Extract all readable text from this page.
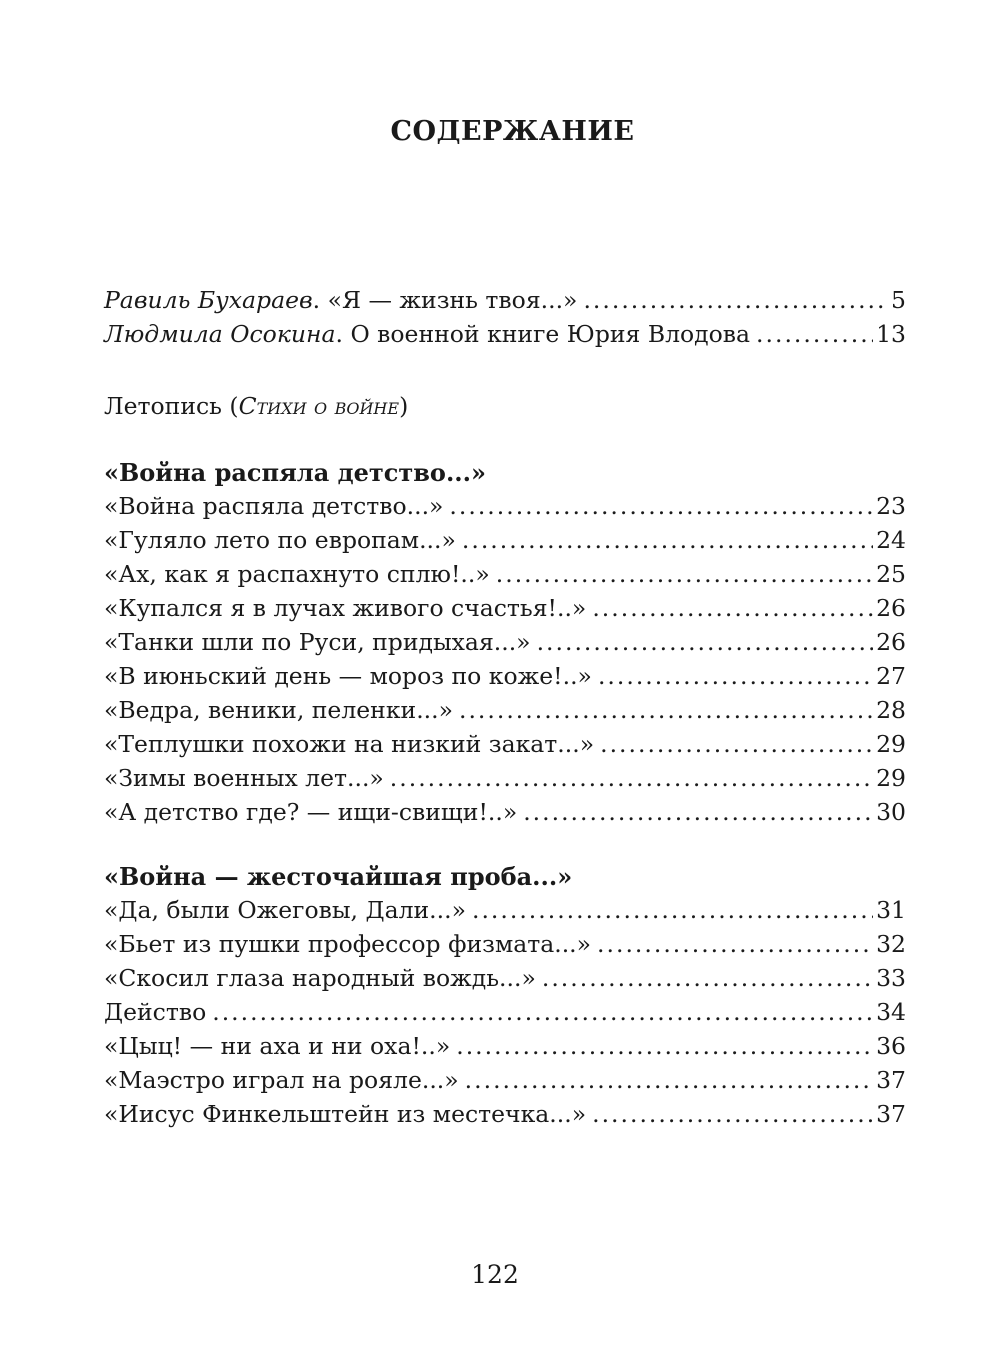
СОДЕРЖАНИЕ
Равиль Бухараев. «Я — жизнь твоя...» .....	5
Людмила Осокина. О военной книге Юрия Влодова .....	13
Летопись (Стихи о войне)
«Война распяла детство...»
«Война распяла детство...» .....	23
«Гуляло лето по европам...» .....	24
«Ах, как я распахнуто сплю!..» .....	25
«Купался я в лучах живого счастья!..» .....	26
«Танки шли по Руси, придыхая...» .....	26
«В июньский день — мороз по коже!..» .....	27
«Ведра, веники, пеленки...» .....	28
«Теплушки похожи на низкий закат...» .....	29
«Зимы военных лет...» .....	29
«А детство где? — ищи-свищи!..» .....	30
«Война — жесточайшая проба...»
«Да, были Ожеговы, Дали...» .....	31
«Бьет из пушки профессор физмата...» .....	32
«Скосил глаза народный вождь...» .....	33
Действо .....	34
«Цыц! — ни аха и ни оха!..» .....	36
«Маэстро играл на рояле...» .....	37
«Иисус Финкельштейн из местечка...» .....	37
122
